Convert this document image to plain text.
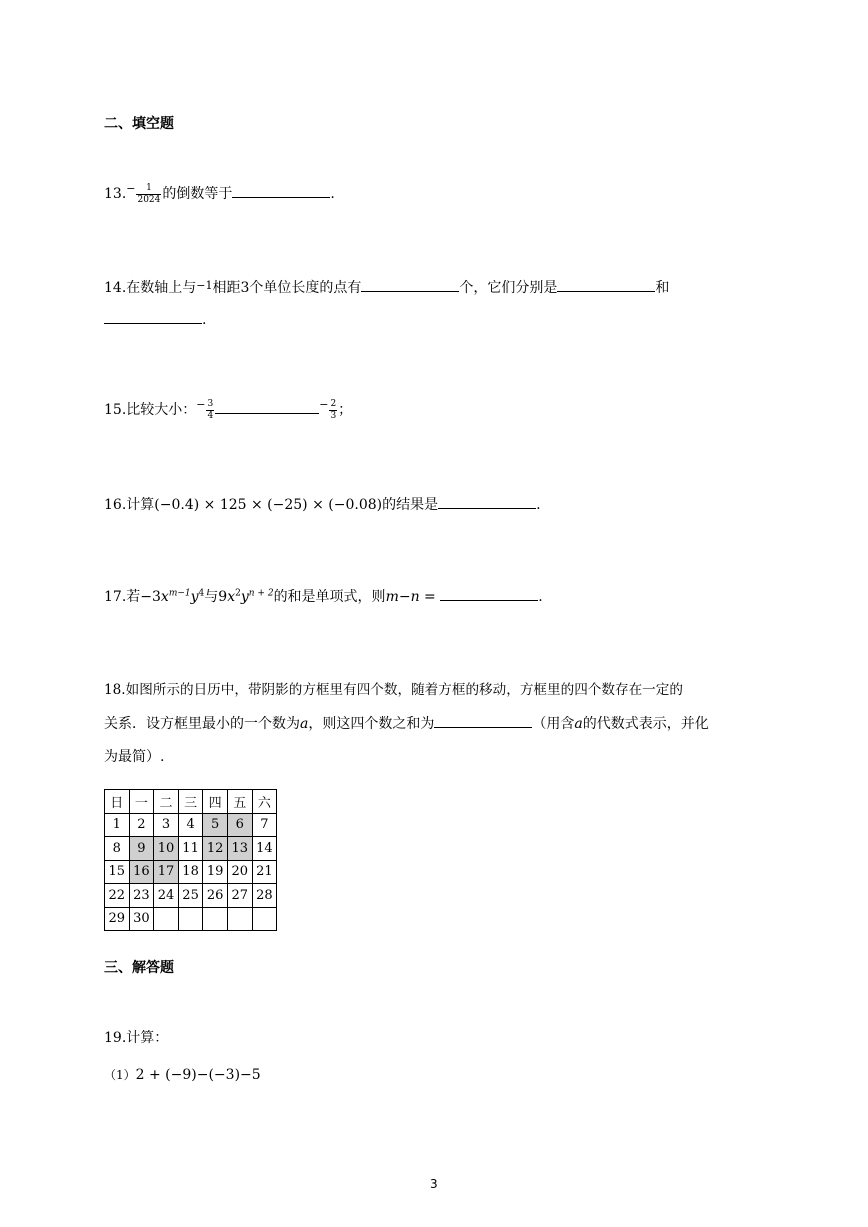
二、填空题
$13.^- \frac{1}{2024}$ 的倒数等于	.
14.在数轴上与$^{-1}$相距3个单位长度的点有	个，它们分别是	和
.
15.比较大小：$^- \frac{3}{4}$	$^- \frac{2}{3}$ ；
16.计算(−0.4) × 125 × (−25) × (−0.08)的结果是	.
17.若$-3x^{m-1}y^4$与$9x^2y^{n + 2}$的和是单项式，则m−n =	.
18.如图所示的日历中，带阴影的方框里有四个数，随着方框的移动，方框里的四个数存在一定的
关系．设方框里最小的一个数为a，则这四个数之和为	（用含a的代数式表示，并化
为最简）.
日	一	二	三	四	五	六
1	2	3	4	5	6	7
8	9	10	11	12	13	14
15	16	17	18	19	20	21
22	23	24	25	26	27	28
29	30					
三、解答题
19.计算：
（1）2 + (−9)−(−3)−5
3
